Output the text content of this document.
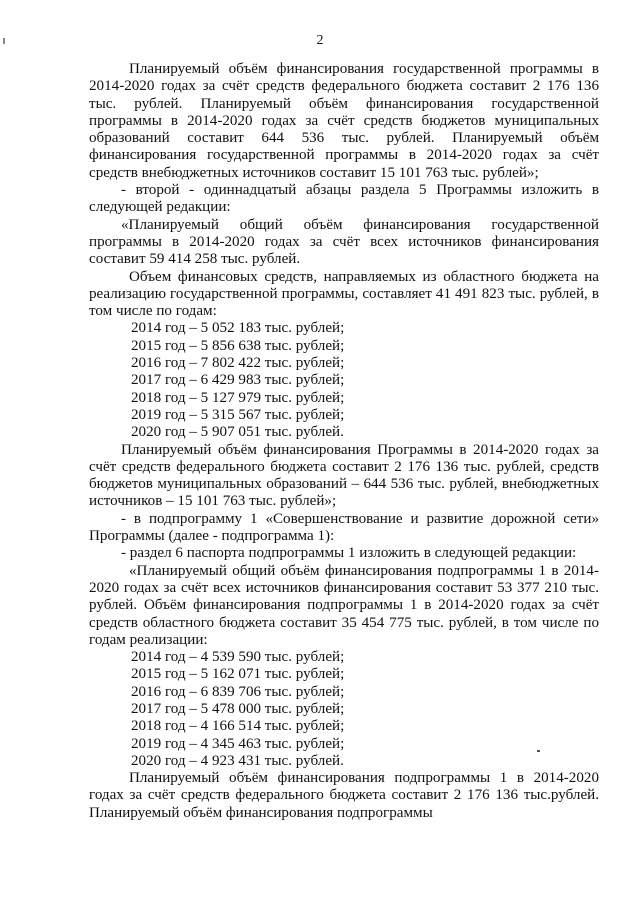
2
Планируемый объём финансирования государственной программы в 2014-2020 годах за счёт средств федерального бюджета составит 2 176 136 тыс. рублей. Планируемый объём финансирования государственной программы в 2014-2020 годах за счёт средств бюджетов муниципальных образований составит 644 536 тыс. рублей. Планируемый объём финансирования государственной программы в 2014-2020 годах за счёт средств внебюджетных источников составит 15 101 763 тыс. рублей»;
- второй - одиннадцатый абзацы раздела 5 Программы изложить в следующей редакции:
«Планируемый общий объём финансирования государственной программы в 2014-2020 годах за счёт всех источников финансирования составит 59 414 258 тыс. рублей.
Объем финансовых средств, направляемых из областного бюджета на реализацию государственной программы, составляет 41 491 823 тыс. рублей, в том числе по годам:
2014 год – 5 052 183 тыс. рублей;
2015 год – 5 856 638 тыс. рублей;
2016 год – 7 802 422 тыс. рублей;
2017 год – 6 429 983 тыс. рублей;
2018 год – 5 127 979 тыс. рублей;
2019 год – 5 315 567 тыс. рублей;
2020 год – 5 907 051 тыс. рублей.
Планируемый объём финансирования Программы в 2014-2020 годах за счёт средств федерального бюджета составит 2 176 136 тыс. рублей, средств бюджетов муниципальных образований – 644 536 тыс. рублей, внебюджетных источников – 15 101 763 тыс. рублей»;
- в подпрограмму 1 «Совершенствование и развитие дорожной сети» Программы (далее - подпрограмма 1):
- раздел 6 паспорта подпрограммы 1 изложить в следующей редакции:
«Планируемый общий объём финансирования подпрограммы 1 в 2014-2020 годах за счёт всех источников финансирования составит 53 377 210 тыс. рублей. Объём финансирования подпрограммы 1 в 2014-2020 годах за счёт средств областного бюджета составит 35 454 775 тыс. рублей, в том числе по годам реализации:
2014 год – 4 539 590 тыс. рублей;
2015 год – 5 162 071 тыс. рублей;
2016 год – 6 839 706 тыс. рублей;
2017 год – 5 478 000 тыс. рублей;
2018 год – 4 166 514 тыс. рублей;
2019 год – 4 345 463 тыс. рублей;
2020 год – 4 923 431 тыс. рублей.
Планируемый объём финансирования подпрограммы 1 в 2014-2020 годах за счёт средств федерального бюджета составит 2 176 136 тыс.рублей. Планируемый объём финансирования подпрограммы
